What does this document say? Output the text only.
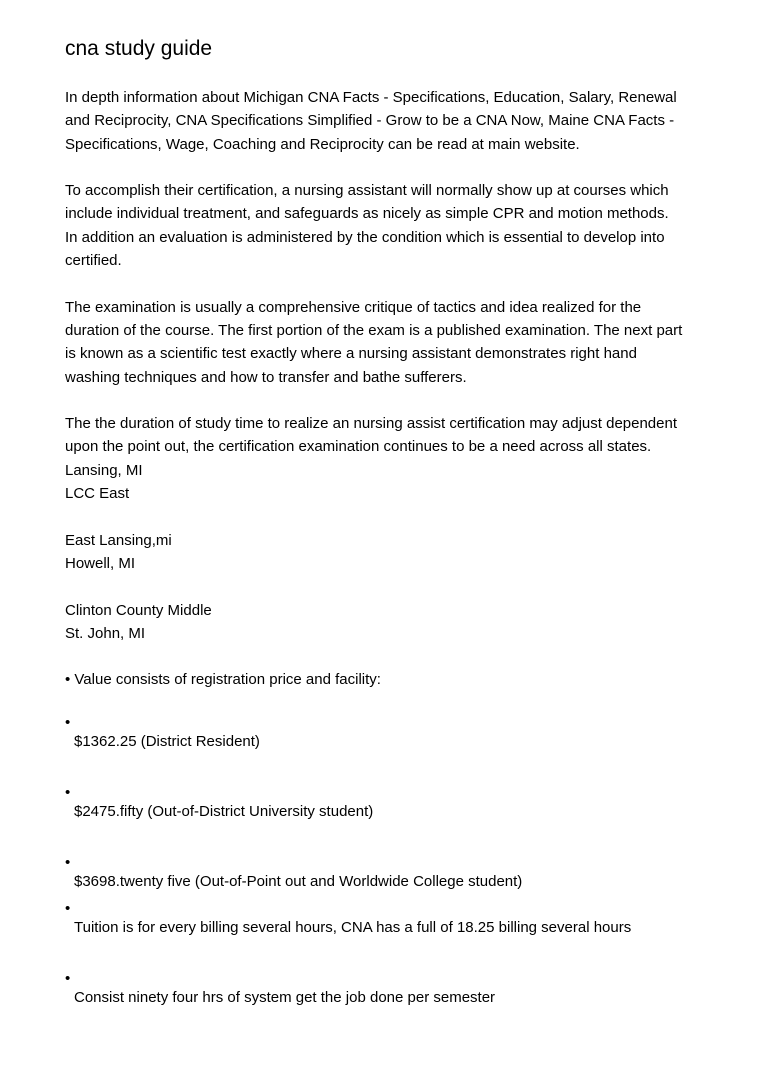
cna study guide
In depth information about Michigan CNA Facts - Specifications, Education, Salary, Renewal
and Reciprocity, CNA Specifications Simplified - Grow to be a CNA Now, Maine CNA Facts -
Specifications, Wage, Coaching and Reciprocity can be read at main website.
To accomplish their certification, a nursing assistant will normally show up at courses which
include individual treatment, and safeguards as nicely as simple CPR and motion methods.
In addition an evaluation is administered by the condition which is essential to develop into
certified.
The examination is usually a comprehensive critique of tactics and idea realized for the
duration of the course. The first portion of the exam is a published examination. The next part
is known as a scientific test exactly where a nursing assistant demonstrates right hand
washing techniques and how to transfer and bathe sufferers.
The the duration of study time to realize an nursing assist certification may adjust dependent
upon the point out, the certification examination continues to be a need across all states.
Lansing, MI
LCC East
East Lansing,mi
Howell, MI
Clinton County Middle
St. John, MI
• Value consists of registration price and facility:
•
$1362.25 (District Resident)
•
$2475.fifty (Out-of-District University student)
•
$3698.twenty five (Out-of-Point out and Worldwide College student)
•
Tuition is for every billing several hours, CNA has a full of 18.25 billing several hours
•
Consist ninety four hrs of system get the job done per semester
